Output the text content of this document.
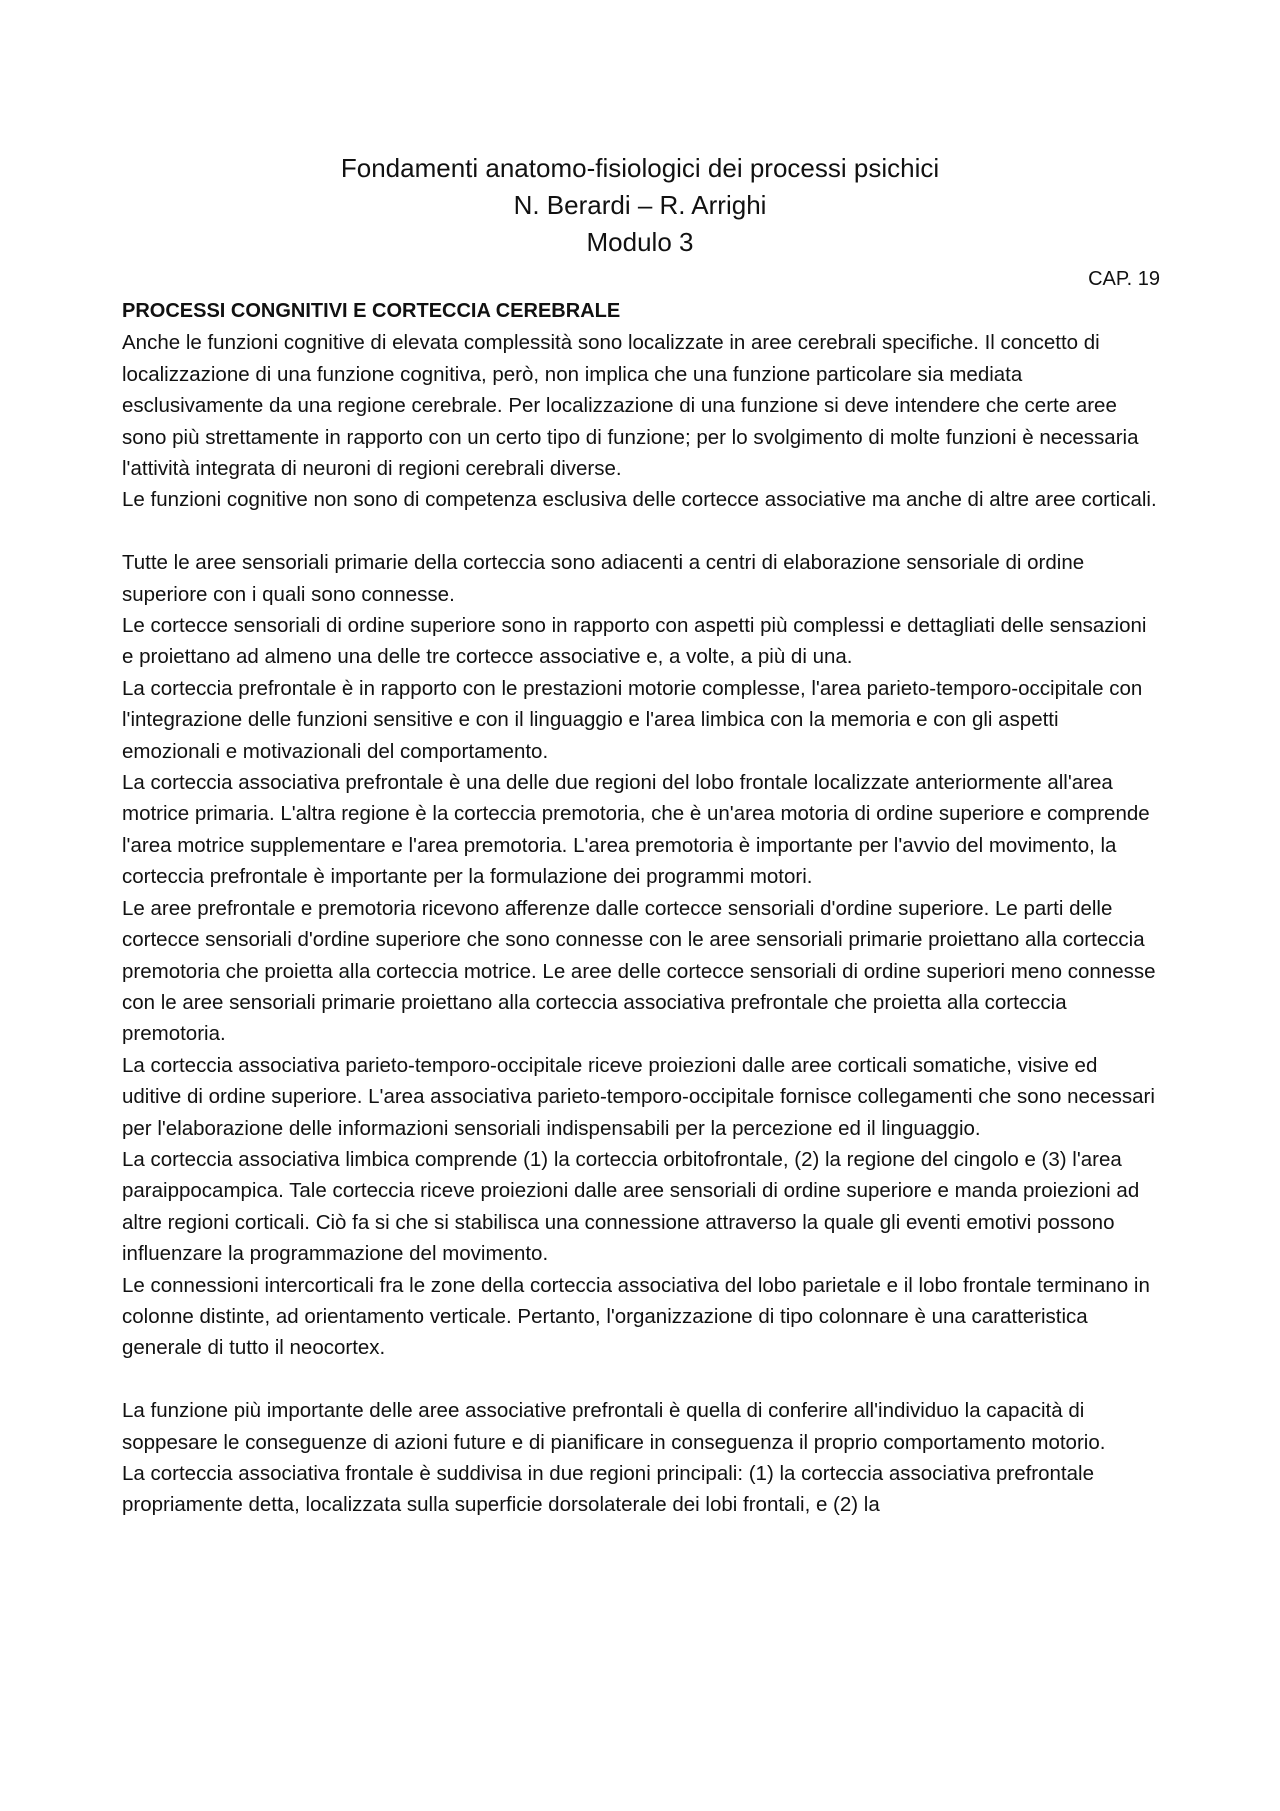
Fondamenti anatomo-fisiologici dei processi psichici
N. Berardi – R. Arrighi
Modulo 3
CAP. 19

PROCESSI CONGNITIVI E CORTECCIA CEREBRALE

Anche le funzioni cognitive di elevata complessità sono localizzate in aree cerebrali specifiche. Il concetto di localizzazione di una funzione cognitiva, però, non implica che una funzione particolare sia mediata esclusivamente da una regione cerebrale. Per localizzazione di una funzione si deve intendere che certe aree sono più strettamente in rapporto con un certo tipo di funzione; per lo svolgimento di molte funzioni è necessaria l'attività integrata di neuroni di regioni cerebrali diverse.

Le funzioni cognitive non sono di competenza esclusiva delle cortecce associative ma anche di altre aree corticali.

Tutte le aree sensoriali primarie della corteccia sono adiacenti a centri di elaborazione sensoriale di ordine superiore con i quali sono connesse.

Le cortecce sensoriali di ordine superiore sono in rapporto con aspetti più complessi e dettagliati delle sensazioni e proiettano ad almeno una delle tre cortecce associative e, a volte, a più di una.

La corteccia prefrontale è in rapporto con le prestazioni motorie complesse, l'area parieto-temporo-occipitale con l'integrazione delle funzioni sensitive e con il linguaggio e l'area limbica con la memoria e con gli aspetti emozionali e motivazionali del comportamento.

La corteccia associativa prefrontale è una delle due regioni del lobo frontale localizzate anteriormente all'area motrice primaria. L'altra regione è la corteccia premotoria, che è un'area motoria di ordine superiore e comprende l'area motrice supplementare e l'area premotoria. L'area premotoria è importante per l'avvio del movimento, la corteccia prefrontale è importante per la formulazione dei programmi motori.

Le aree prefrontale e premotoria ricevono afferenze dalle cortecce sensoriali d'ordine superiore. Le parti delle cortecce sensoriali d'ordine superiore che sono connesse con le aree sensoriali primarie proiettano alla corteccia premotoria che proietta alla corteccia motrice. Le aree delle cortecce sensoriali di ordine superiori meno connesse con le aree sensoriali primarie proiettano alla corteccia associativa prefrontale che proietta alla corteccia premotoria.

La corteccia associativa parieto-temporo-occipitale riceve proiezioni dalle aree corticali somatiche, visive ed uditive di ordine superiore. L'area associativa parieto-temporo-occipitale fornisce collegamenti che sono necessari per l'elaborazione delle informazioni sensoriali indispensabili per la percezione ed il linguaggio.

La corteccia associativa limbica comprende (1) la corteccia orbitofrontale, (2) la regione del cingolo e (3) l'area paraippocampica. Tale corteccia riceve proiezioni dalle aree sensoriali di ordine superiore e manda proiezioni ad altre regioni corticali. Ciò fa si che si stabilisca una connessione attraverso la quale gli eventi emotivi possono influenzare la programmazione del movimento.

Le connessioni intercorticali fra le zone della corteccia associativa del lobo parietale e il lobo frontale terminano in colonne distinte, ad orientamento verticale. Pertanto, l'organizzazione di tipo colonnare è una caratteristica generale di tutto il neocortex.

La funzione più importante delle aree associative prefrontali è quella di conferire all'individuo la capacità di soppesare le conseguenze di azioni future e di pianificare in conseguenza il proprio comportamento motorio.

La corteccia associativa frontale è suddivisa in due regioni principali: (1) la corteccia associativa prefrontale propriamente detta, localizzata sulla superficie dorsolaterale dei lobi frontali, e (2) la
